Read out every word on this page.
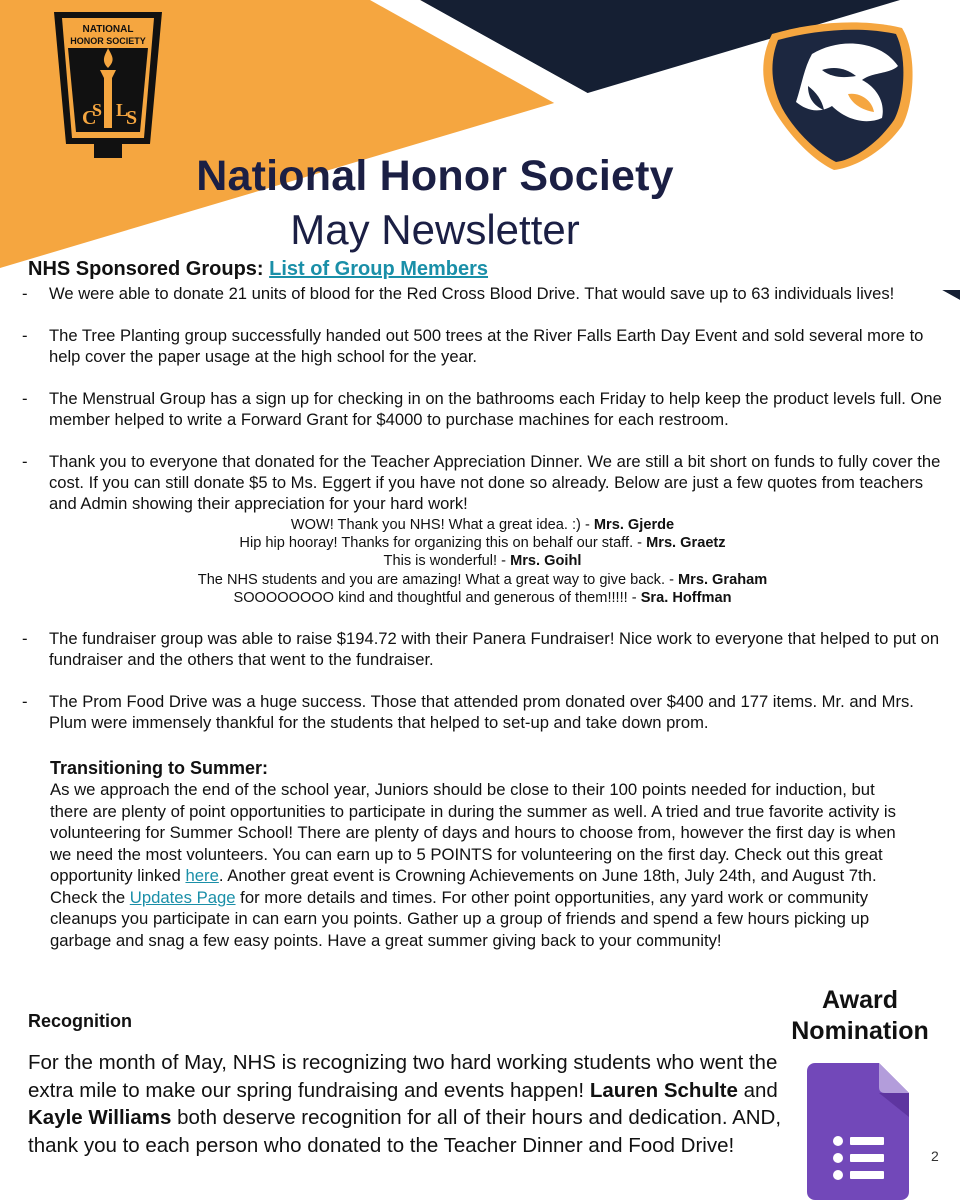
NATIONAL
HONOR SOCIETY
C
S L
S
National Honor Society
May Newsletter
NHS Sponsored Groups: List of Group Members
- We were able to donate 21 units of blood for the Red Cross Blood Drive. That would save up to 63 individuals lives!
- The Tree Planting group successfully handed out 500 trees at the River Falls Earth Day Event and sold several more to help cover the paper usage at the high school for the year.
- The Menstrual Group has a sign up for checking in on the bathrooms each Friday to help keep the product levels full. One member helped to write a Forward Grant for $4000 to purchase machines for each restroom.
- Thank you to everyone that donated for the Teacher Appreciation Dinner. We are still a bit short on funds to fully cover the cost. If you can still donate $5 to Ms. Eggert if you have not done so already. Below are just a few quotes from teachers and Admin showing their appreciation for your hard work!
WOW! Thank you NHS! What a great idea. :) - Mrs. Gjerde
Hip hip hooray! Thanks for organizing this on behalf our staff. - Mrs. Graetz
This is wonderful! - Mrs. Goihl
The NHS students and you are amazing! What a great way to give back. - Mrs. Graham
SOOOOOOOO kind and thoughtful and generous of them!!!!! - Sra. Hoffman
- The fundraiser group was able to raise $194.72 with their Panera Fundraiser! Nice work to everyone that helped to put on fundraiser and the others that went to the fundraiser.
- The Prom Food Drive was a huge success. Those that attended prom donated over $400 and 177 items. Mr. and Mrs. Plum were immensely thankful for the students that helped to set-up and take down prom.
Transitioning to Summer:

As we approach the end of the school year, Juniors should be close to their 100 points needed for induction, but there are plenty of point opportunities to participate in during the summer as well. A tried and true favorite activity is volunteering for Summer School! There are plenty of days and hours to choose from, however the first day is when we need the most volunteers. You can earn up to 5 POINTS for volunteering on the first day. Check out this great opportunity linked here. Another great event is Crowning Achievements on June 18th, July 24th, and August 7th. Check the Updates Page for more details and times. For other point opportunities, any yard work or community cleanups you participate in can earn you points. Gather up a group of friends and spend a few hours picking up garbage and snag a few easy points. Have a great summer giving back to your community!

Recognition

For the month of May, NHS is recognizing two hard working students who went the extra mile to make our spring fundraising and events happen! Lauren Schulte and Kayle Williams both deserve recognition for all of their hours and dedication. AND, thank you to each person who donated to the Teacher Dinner and Food Drive!

Award
Nomination
2
